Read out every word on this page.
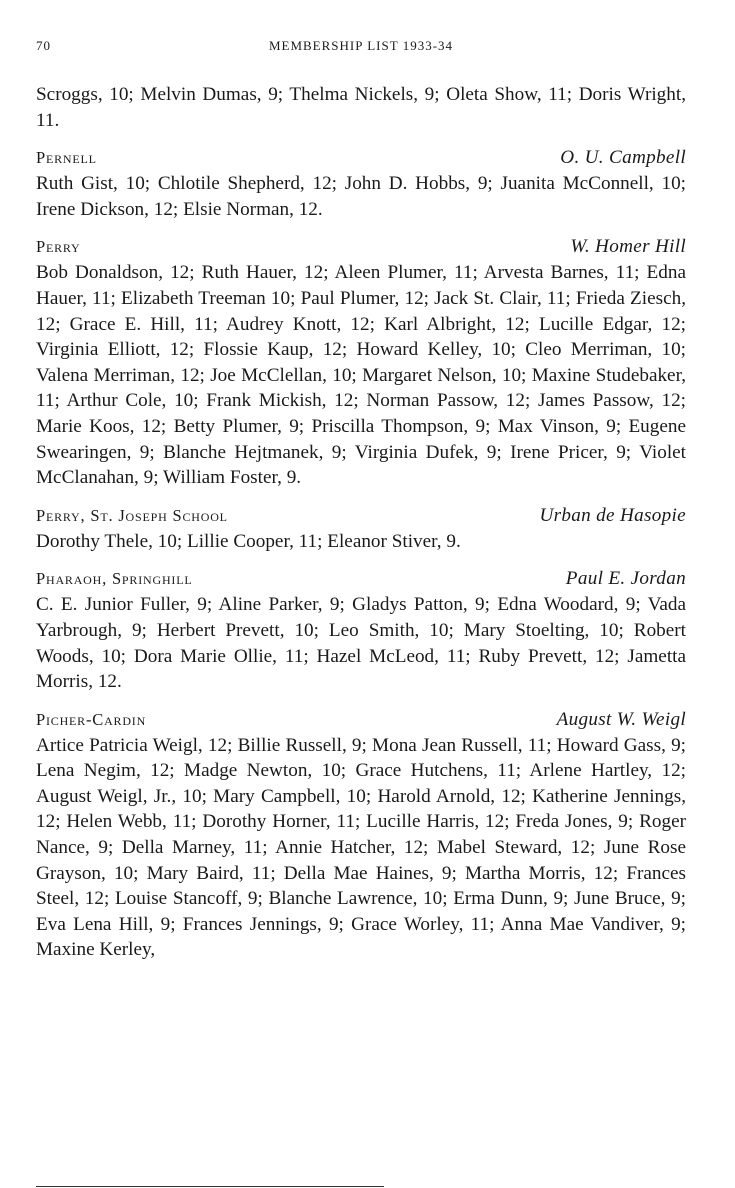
70	MEMBERSHIP LIST 1933-34

Scroggs, 10; Melvin Dumas, 9; Thelma Nickels, 9; Oleta Show, 11; Doris Wright, 11.

Pernell	O. U. Campbell

Ruth Gist, 10; Chlotile Shepherd, 12; John D. Hobbs, 9; Juanita McConnell, 10; Irene Dickson, 12; Elsie Norman, 12.

Perry	W. Homer Hill

Bob Donaldson, 12; Ruth Hauer, 12; Aleen Plumer, 11; Arvesta Barnes, 11; Edna Hauer, 11; Elizabeth Treeman 10; Paul Plumer, 12; Jack St. Clair, 11; Frieda Ziesch, 12; Grace E. Hill, 11; Audrey Knott, 12; Karl Albright, 12; Lucille Edgar, 12; Virginia Elliott, 12; Flossie Kaup, 12; Howard Kelley, 10; Cleo Merriman, 10; Valena Merriman, 12; Joe McClellan, 10; Margaret Nelson, 10; Maxine Studebaker, 11; Arthur Cole, 10; Frank Mickish, 12; Norman Passow, 12; James Passow, 12; Marie Koos, 12; Betty Plumer, 9; Priscilla Thompson, 9; Max Vinson, 9; Eugene Swearingen, 9; Blanche Hejtmanek, 9; Virginia Dufek, 9; Irene Pricer, 9; Violet McClanahan, 9; William Foster, 9.

Perry, St. Joseph School	Urban de Hasopie

Dorothy Thele, 10; Lillie Cooper, 11; Eleanor Stiver, 9.

Pharaoh, Springhill	Paul E. Jordan

C. E. Junior Fuller, 9; Aline Parker, 9; Gladys Patton, 9; Edna Woodard, 9; Vada Yarbrough, 9; Herbert Prevett, 10; Leo Smith, 10; Mary Stoelting, 10; Robert Woods, 10; Dora Marie Ollie, 11; Hazel McLeod, 11; Ruby Prevett, 12; Jametta Morris, 12.

Picher-Cardin	August W. Weigl

Artice Patricia Weigl, 12; Billie Russell, 9; Mona Jean Russell, 11; Howard Gass, 9; Lena Negim, 12; Madge Newton, 10; Grace Hutchens, 11; Arlene Hartley, 12; August Weigl, Jr., 10; Mary Campbell, 10; Harold Arnold, 12; Katherine Jennings, 12; Helen Webb, 11; Dorothy Horner, 11; Lucille Harris, 12; Freda Jones, 9; Roger Nance, 9; Della Marney, 11; Annie Hatcher, 12; Mabel Steward, 12; June Rose Grayson, 10; Mary Baird, 11; Della Mae Haines, 9; Martha Morris, 12; Frances Steel, 12; Louise Stancoff, 9; Blanche Lawrence, 10; Erma Dunn, 9; June Bruce, 9; Eva Lena Hill, 9; Frances Jennings, 9; Grace Worley, 11; Anna Mae Vandiver, 9; Maxine Kerley,
